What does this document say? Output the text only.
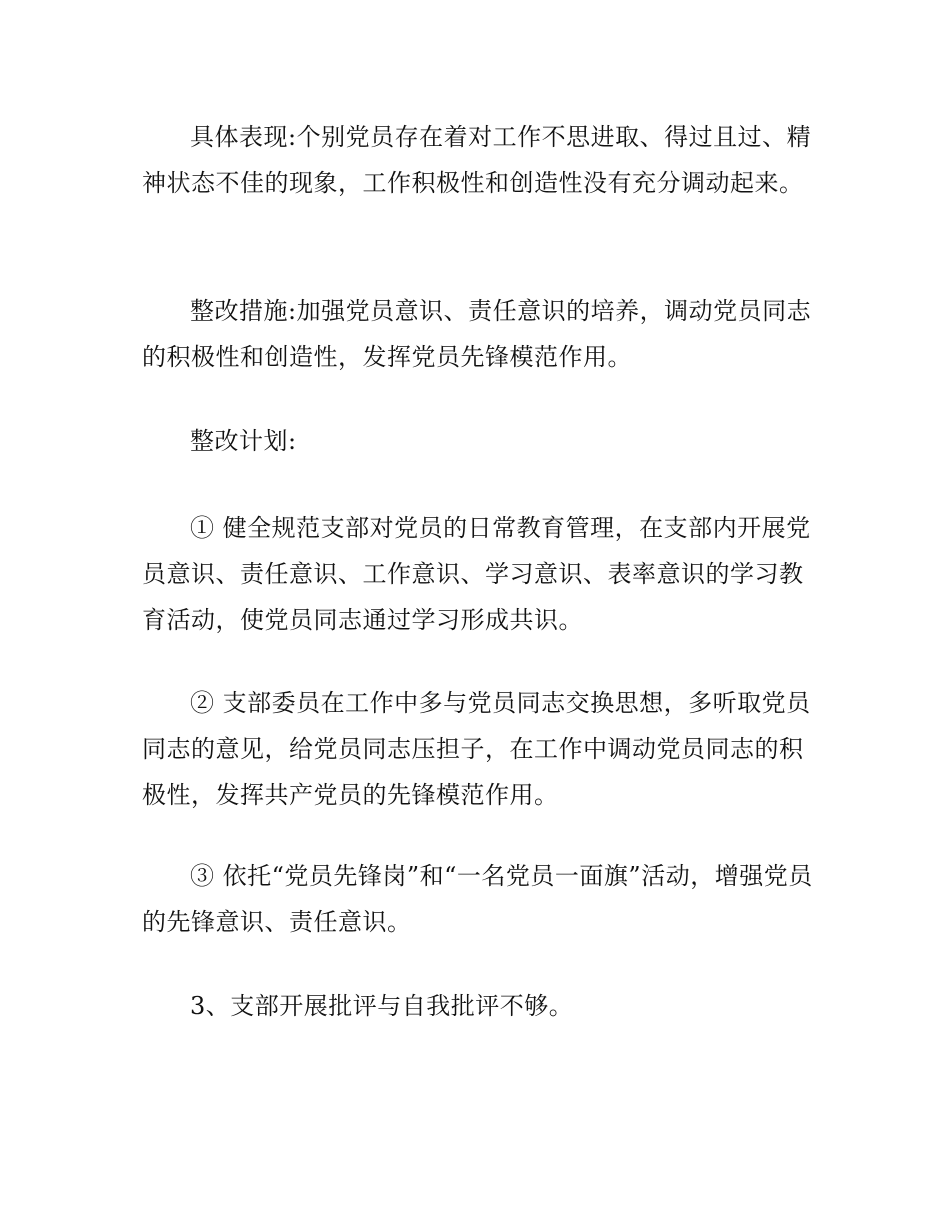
具体表现:个别党员存在着对工作不思进取、得过且过、精神状态不佳的现象，工作积极性和创造性没有充分调动起来。

整改措施:加强党员意识、责任意识的培养，调动党员同志的积极性和创造性，发挥党员先锋模范作用。

整改计划:

① 健全规范支部对党员的日常教育管理，在支部内开展党员意识、责任意识、工作意识、学习意识、表率意识的学习教育活动，使党员同志通过学习形成共识。

② 支部委员在工作中多与党员同志交换思想，多听取党员同志的意见，给党员同志压担子，在工作中调动党员同志的积极性，发挥共产党员的先锋模范作用。

③ 依托“党员先锋岗”和“一名党员一面旗”活动，增强党员的先锋意识、责任意识。

3、支部开展批评与自我批评不够。
